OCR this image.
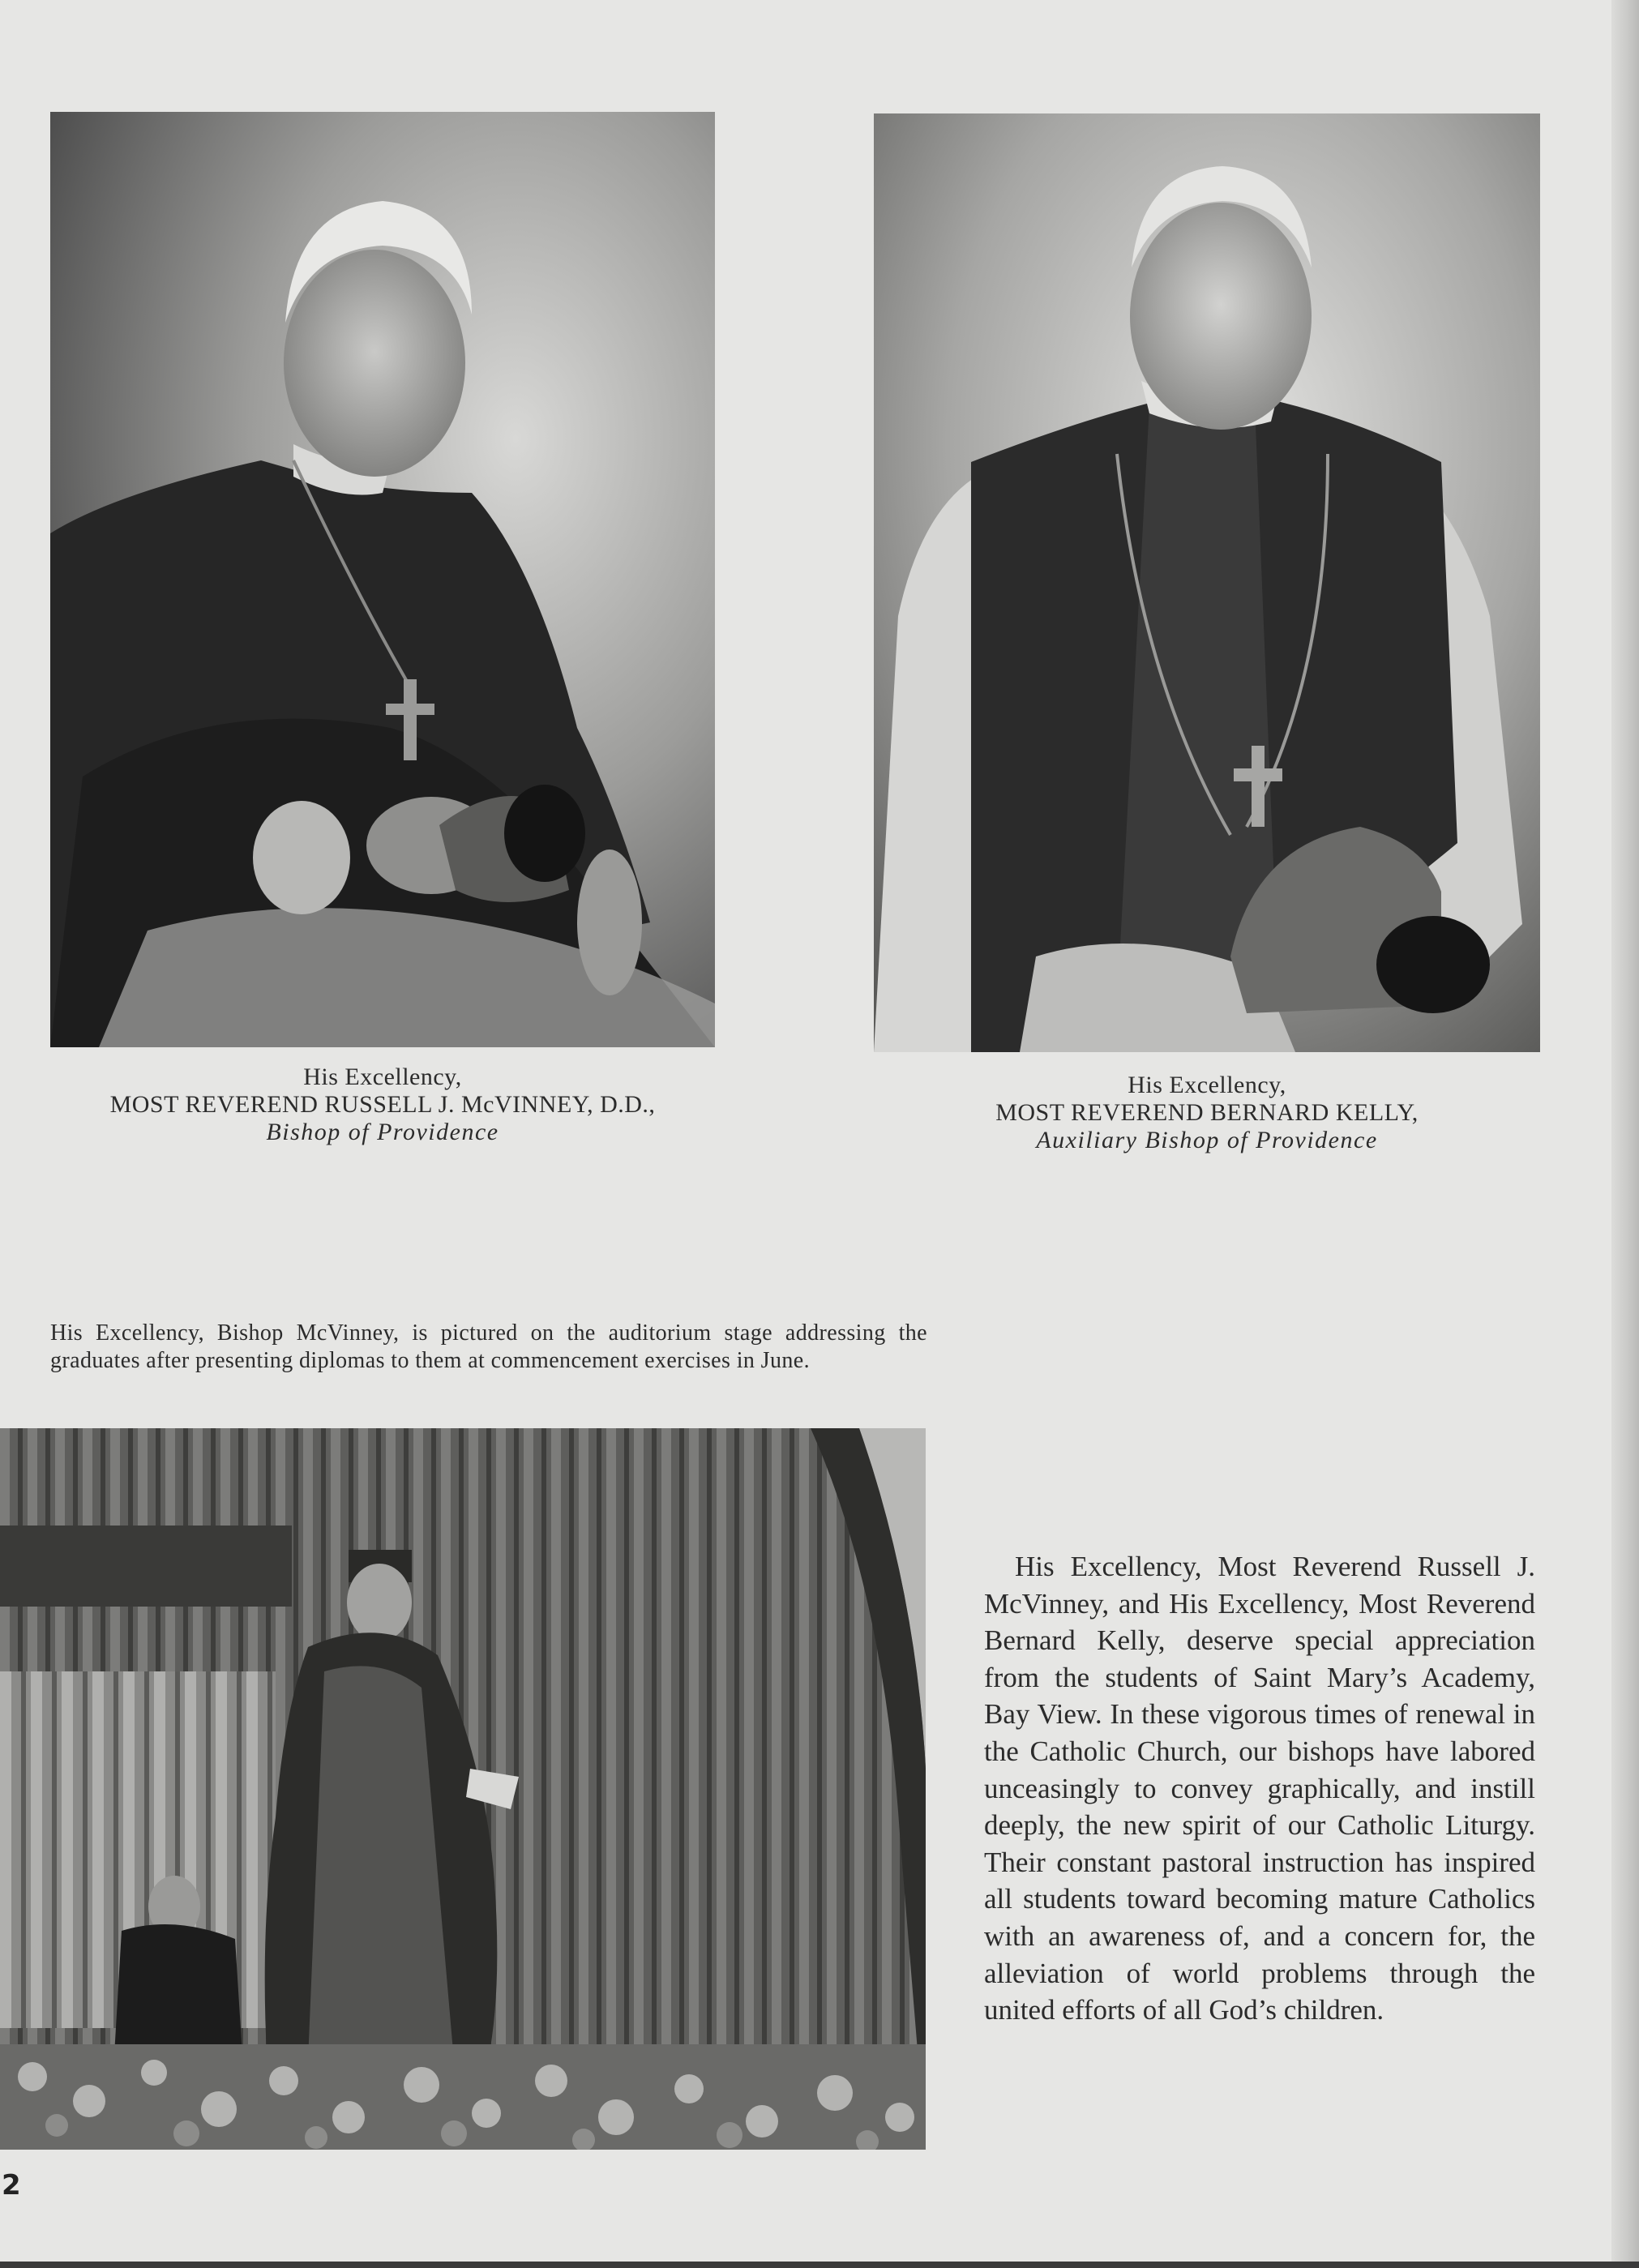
His Excellency,
MOST REVEREND RUSSELL J. McVINNEY, D.D.,
Bishop of Providence
His Excellency,
MOST REVEREND BERNARD KELLY,
Auxiliary Bishop of Providence
His Excellency, Bishop McVinney, is pictured on the auditorium stage addressing the graduates after presenting diplomas to them at commencement exercises in June.

His Excellency, Most Reverend Russell J. McVinney, and His Excellency, Most Reverend Bernard Kelly, deserve special appreciation from the students of Saint Mary’s Academy, Bay View. In these vigorous times of renewal in the Catholic Church, our bishops have labored unceasingly to convey graphically, and instill deeply, the new spirit of our Catholic Liturgy. Their constant pastoral instruction has inspired all students toward becoming mature Catholics with an awareness of, and a concern for, the alleviation of world problems through the united efforts of all God’s children.

2
